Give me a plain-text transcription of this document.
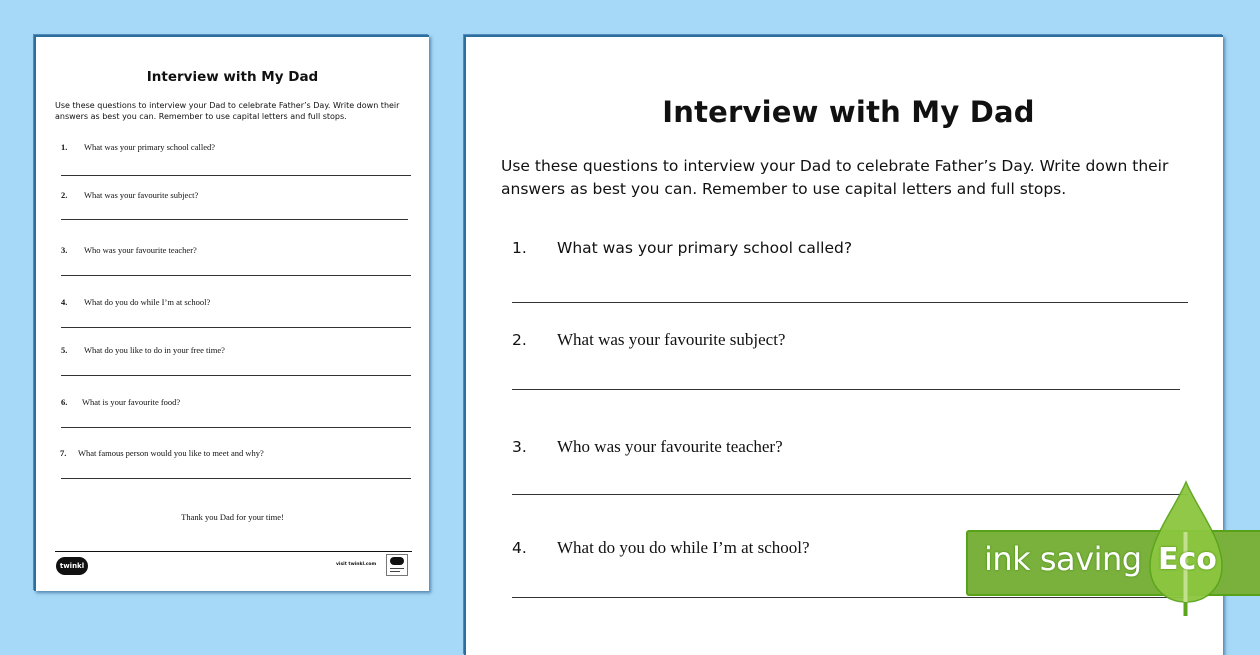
Interview with My Dad
Use these questions to interview your Dad to celebrate Father’s Day. Write down their
answers as best you can. Remember to use capital letters and full stops.
1. What was your primary school called?
2. What was your favourite subject?
3. Who was your favourite teacher?
4. What do you do while I’m at school?
5. What do you like to do in your free time?
6. What is your favourite food?
7. What famous person would you like to meet and why?
Thank you Dad for your time!
twinkl	visit twinkl.com
Interview with My Dad
Use these questions to interview your Dad to celebrate Father’s Day. Write down their
answers as best you can. Remember to use capital letters and full stops.
1. What was your primary school called?
2. What was your favourite subject?
3. Who was your favourite teacher?
4. What do you do while I’m at school?	ink saving Eco
